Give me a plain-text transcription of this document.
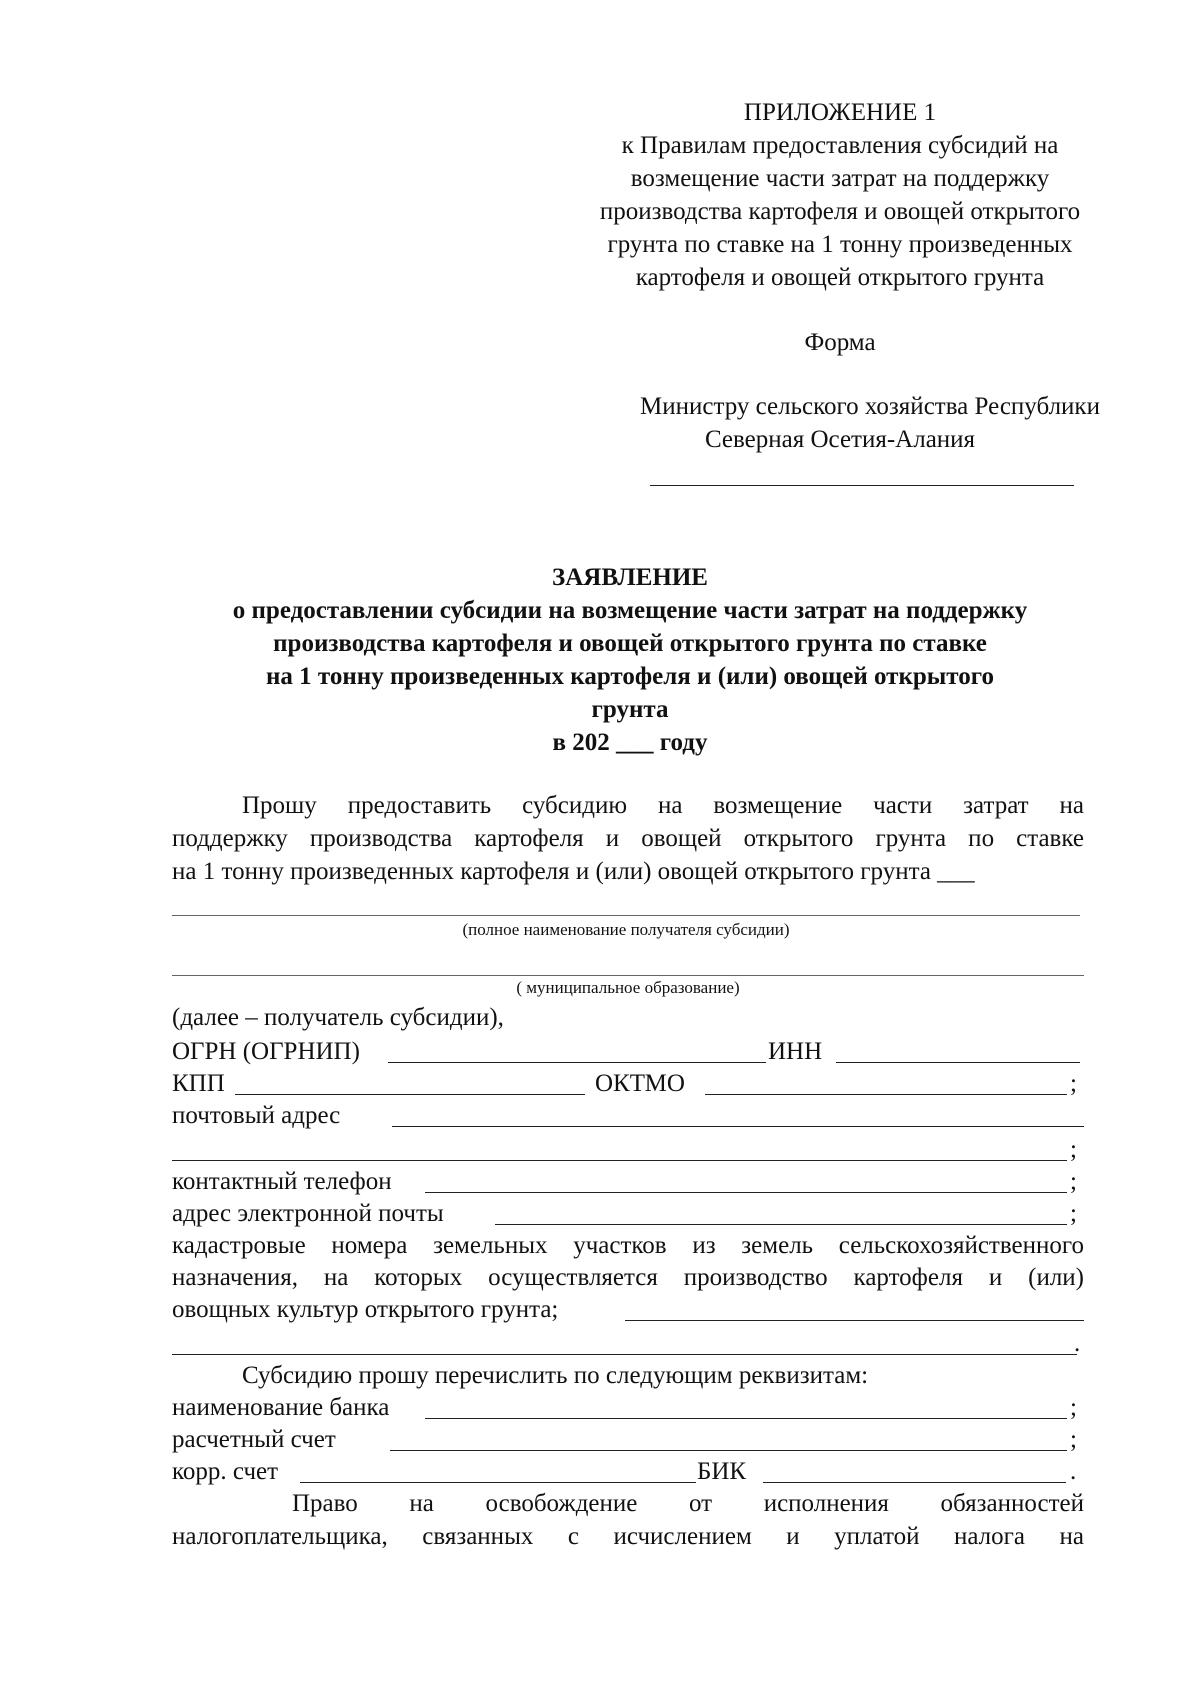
ПРИЛОЖЕНИЕ 1
к Правилам предоставления субсидий на
возмещение части затрат на поддержку
производства картофеля и овощей открытого
грунта по ставке на 1 тонну произведенных
картофеля и овощей открытого грунта
Форма
Министру сельского хозяйства Республики
Северная Осетия-Алания
ЗАЯВЛЕНИЕ
о предоставлении субсидии на возмещение части затрат на поддержку
производства картофеля и овощей открытого грунта по ставке
на 1 тонну произведенных картофеля и (или) овощей открытого
грунта
в 202 ___ году
Прошу предоставить субсидию на возмещение части затрат на
поддержку производства картофеля и овощей открытого грунта по ставке
на 1 тонну произведенных картофеля и (или) овощей открытого грунта ___
(полное наименование получателя субсидии)
( муниципальное образование)
(далее – получатель субсидии),
ОГРН (ОГРНИП)	ИНН
КПП	ОКТМО	;
почтовый адрес
;
контактный телефон	;
адрес электронной почты	;
кадастровые номера земельных участков из земель сельскохозяйственного
назначения, на которых осуществляется производство картофеля и (или)
овощных культур открытого грунта;
.
Субсидию прошу перечислить по следующим реквизитам:
наименование банка	;
расчетный счет	;
корр. счет	БИК	.
Право на освобождение от исполнения обязанностей
налогоплательщика, связанных с исчислением и уплатой налога на
